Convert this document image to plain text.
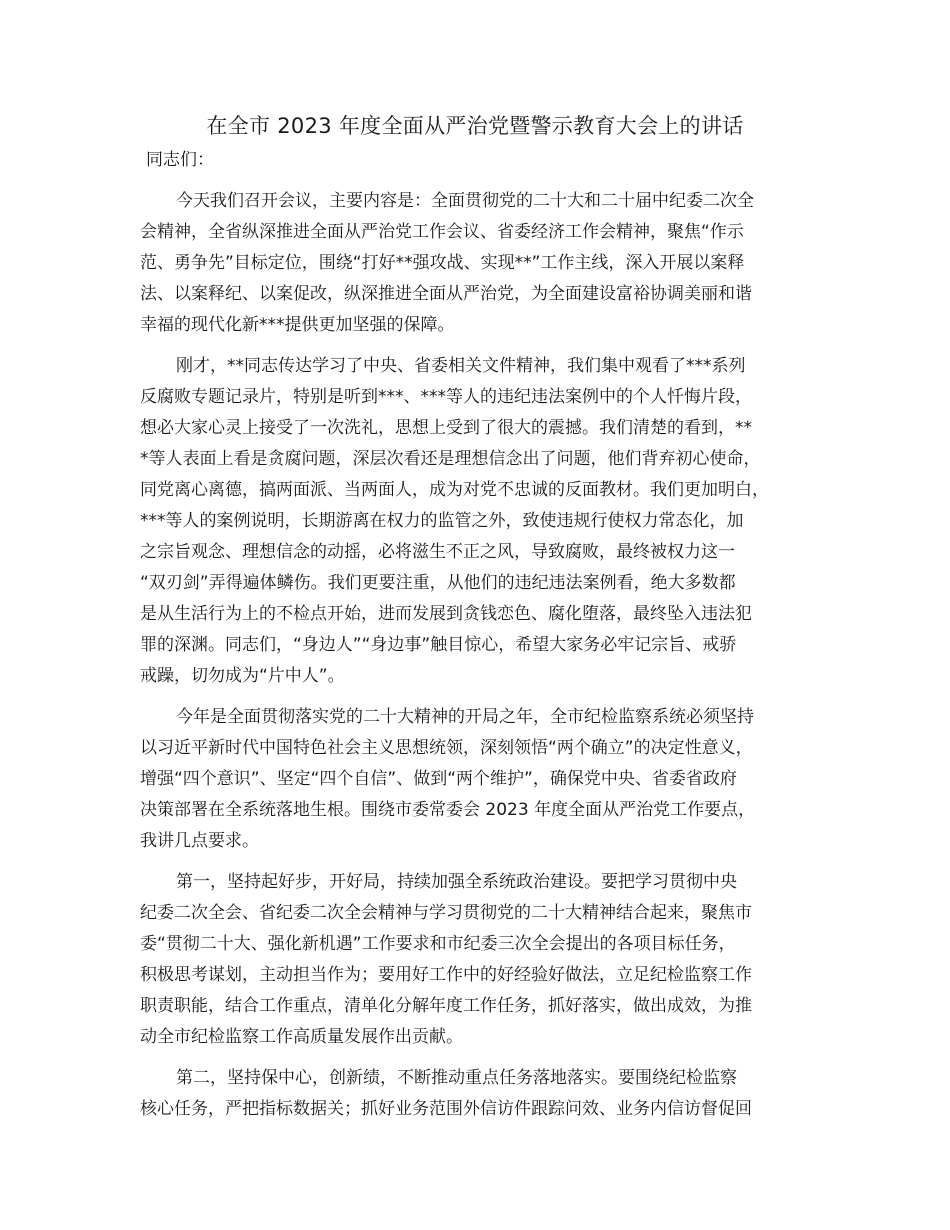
在全市 2023 年度全面从严治党暨警示教育大会上的讲话

同志们：

今天我们召开会议，主要内容是：全面贯彻党的二十大和二十届中纪委二次全
会精神，全省纵深推进全面从严治党工作会议、省委经济工作会精神，聚焦“作示
范、勇争先”目标定位，围绕“打好**强攻战、实现**”工作主线，深入开展以案释
法、以案释纪、以案促改，纵深推进全面从严治党，为全面建设富裕协调美丽和谐
幸福的现代化新***提供更加坚强的保障。
刚才，**同志传达学习了中央、省委相关文件精神，我们集中观看了***系列
反腐败专题记录片，特别是听到***、***等人的违纪违法案例中的个人忏悔片段，
想必大家心灵上接受了一次洗礼，思想上受到了很大的震撼。我们清楚的看到，**
*等人表面上看是贪腐问题，深层次看还是理想信念出了问题，他们背弃初心使命，
同党离心离德，搞两面派、当两面人，成为对党不忠诚的反面教材。我们更加明白，
***等人的案例说明，长期游离在权力的监管之外，致使违规行使权力常态化，加
之宗旨观念、理想信念的动摇，必将滋生不正之风，导致腐败，最终被权力这一
“双刃剑”弄得遍体鳞伤。我们更要注重，从他们的违纪违法案例看，绝大多数都
是从生活行为上的不检点开始，进而发展到贪钱恋色、腐化堕落，最终坠入违法犯
罪的深渊。同志们，“身边人”“身边事”触目惊心，希望大家务必牢记宗旨、戒骄
戒躁，切勿成为“片中人”。
今年是全面贯彻落实党的二十大精神的开局之年，全市纪检监察系统必须坚持
以习近平新时代中国特色社会主义思想统领，深刻领悟“两个确立”的决定性意义，
增强“四个意识”、坚定“四个自信”、做到“两个维护”，确保党中央、省委省政府
决策部署在全系统落地生根。围绕市委常委会 2023 年度全面从严治党工作要点，
我讲几点要求。
第一，坚持起好步，开好局，持续加强全系统政治建设。要把学习贯彻中央
纪委二次全会、省纪委二次全会精神与学习贯彻党的二十大精神结合起来，聚焦市
委“贯彻二十大、强化新机遇”工作要求和市纪委三次全会提出的各项目标任务，
积极思考谋划，主动担当作为；要用好工作中的好经验好做法，立足纪检监察工作
职责职能，结合工作重点，清单化分解年度工作任务，抓好落实，做出成效，为推
动全市纪检监察工作高质量发展作出贡献。
第二，坚持保中心，创新绩，不断推动重点任务落地落实。要围绕纪检监察
核心任务，严把指标数据关；抓好业务范围外信访件跟踪问效、业务内信访督促回
